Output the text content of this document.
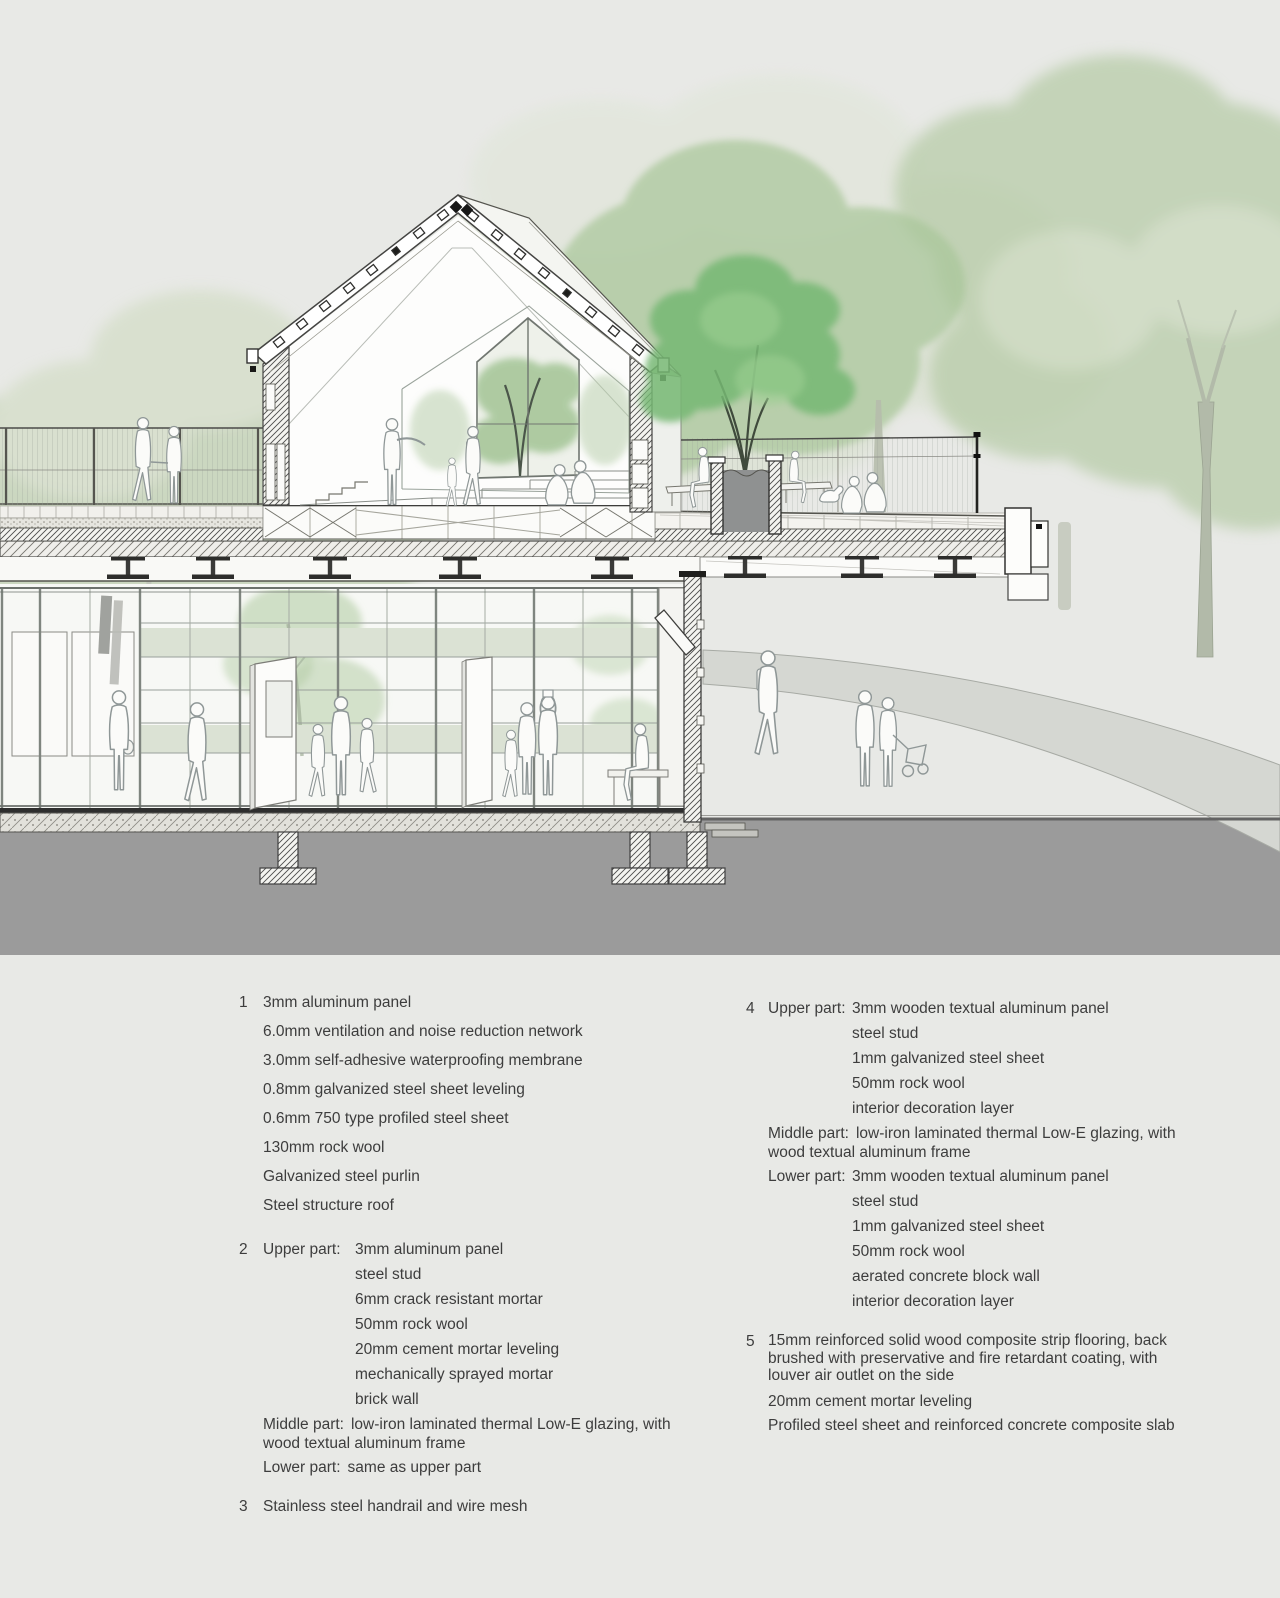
1 3mm aluminum panel
6.0mm ventilation and noise reduction network
3.0mm self-adhesive waterproofing membrane
0.8mm galvanized steel sheet leveling
0.6mm 750 type profiled steel sheet
130mm rock wool
Galvanized steel purlin
Steel structure roof
2 Upper part: 3mm aluminum panel
steel stud
6mm crack resistant mortar
50mm rock wool
20mm cement mortar leveling
mechanically sprayed mortar
brick wall
Middle part: low-iron laminated thermal Low-E glazing, with wood textual aluminum frame
Lower part: same as upper part
3 Stainless steel handrail and wire mesh
4 Upper part: 3mm wooden textual aluminum panel
steel stud
1mm galvanized steel sheet
50mm rock wool
interior decoration layer
Middle part: low-iron laminated thermal Low-E glazing, with wood textual aluminum frame
Lower part: 3mm wooden textual aluminum panel
steel stud
1mm galvanized steel sheet
50mm rock wool
aerated concrete block wall
interior decoration layer
5 15mm reinforced solid wood composite strip flooring, back brushed with preservative and fire retardant coating, with louver air outlet on the side
20mm cement mortar leveling
Profiled steel sheet and reinforced concrete composite slab
